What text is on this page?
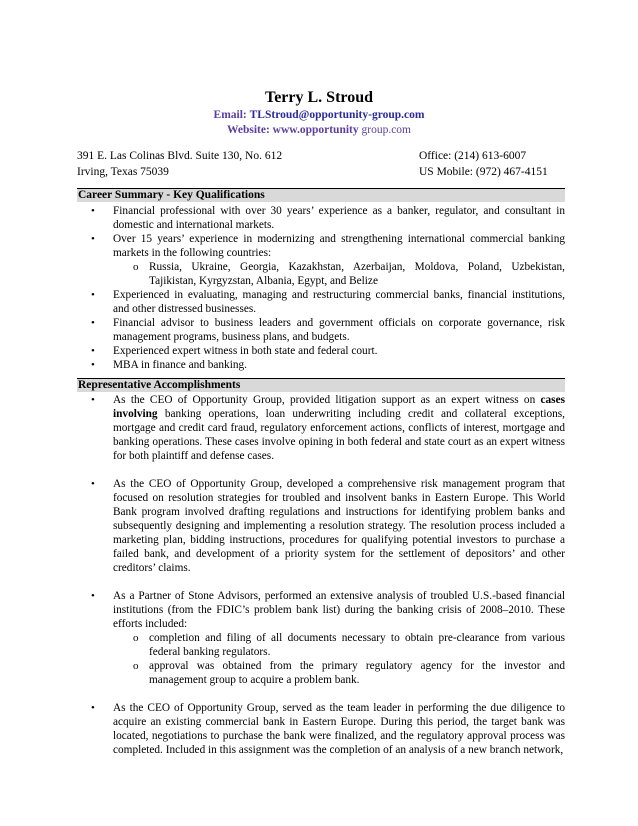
Terry L. Stroud
Email: TLStroud@opportunity-group.com
Website: www.opportunity group.com
391 E. Las Colinas Blvd. Suite 130, No. 612	Office: (214) 613-6007
Irving, Texas 75039	US Mobile: (972) 467-4151
Career Summary - Key Qualifications
• Financial professional with over 30 years’ experience as a banker, regulator, and consultant in domestic and international markets.
• Over 15 years’ experience in modernizing and strengthening international commercial banking markets in the following countries:
o Russia, Ukraine, Georgia, Kazakhstan, Azerbaijan, Moldova, Poland, Uzbekistan, Tajikistan, Kyrgyzstan, Albania, Egypt, and Belize
• Experienced in evaluating, managing and restructuring commercial banks, financial institutions, and other distressed businesses.
• Financial advisor to business leaders and government officials on corporate governance, risk management programs, business plans, and budgets.
• Experienced expert witness in both state and federal court.
• MBA in finance and banking.
Representative Accomplishments
• As the CEO of Opportunity Group, provided litigation support as an expert witness on cases involving banking operations, loan underwriting including credit and collateral exceptions, mortgage and credit card fraud, regulatory enforcement actions, conflicts of interest, mortgage and banking operations. These cases involve opining in both federal and state court as an expert witness for both plaintiff and defense cases.
• As the CEO of Opportunity Group, developed a comprehensive risk management program that focused on resolution strategies for troubled and insolvent banks in Eastern Europe. This World Bank program involved drafting regulations and instructions for identifying problem banks and subsequently designing and implementing a resolution strategy. The resolution process included a marketing plan, bidding instructions, procedures for qualifying potential investors to purchase a failed bank, and development of a priority system for the settlement of depositors’ and other creditors’ claims.
• As a Partner of Stone Advisors, performed an extensive analysis of troubled U.S.-based financial institutions (from the FDIC’s problem bank list) during the banking crisis of 2008–2010. These efforts included:
o completion and filing of all documents necessary to obtain pre-clearance from various federal banking regulators.
o approval was obtained from the primary regulatory agency for the investor and management group to acquire a problem bank.
• As the CEO of Opportunity Group, served as the team leader in performing the due diligence to acquire an existing commercial bank in Eastern Europe. During this period, the target bank was located, negotiations to purchase the bank were finalized, and the regulatory approval process was completed. Included in this assignment was the completion of an analysis of a new branch network,
